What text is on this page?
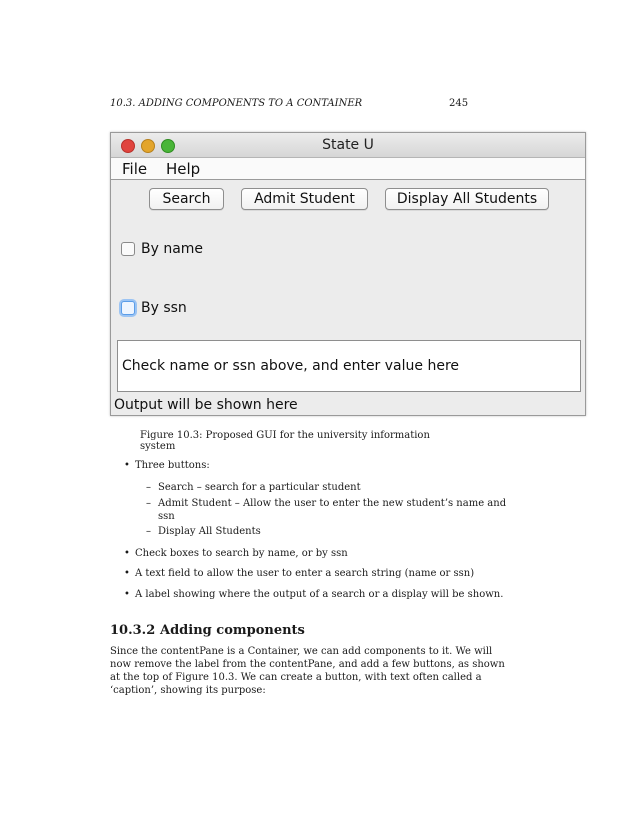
10.3. ADDING COMPONENTS TO A CONTAINER	245
State U
File Help
Search	Admit Student	Display All Students
By name
By ssn
Check name or ssn above, and enter value here
Output will be shown here
Figure 10.3: Proposed GUI for the university information system
• Three buttons:
– Search – search for a particular student
– Admit Student – Allow the user to enter the new student’s name and
ssn
– Display All Students
• Check boxes to search by name, or by ssn
• A text field to allow the user to enter a search string (name or ssn)
• A label showing where the output of a search or a display will be shown.
10.3.2 Adding components
Since the contentPane is a Container, we can add components to it. We will
now remove the label from the contentPane, and add a few buttons, as shown
at the top of Figure 10.3. We can create a button, with text often called a
‘caption’, showing its purpose:
